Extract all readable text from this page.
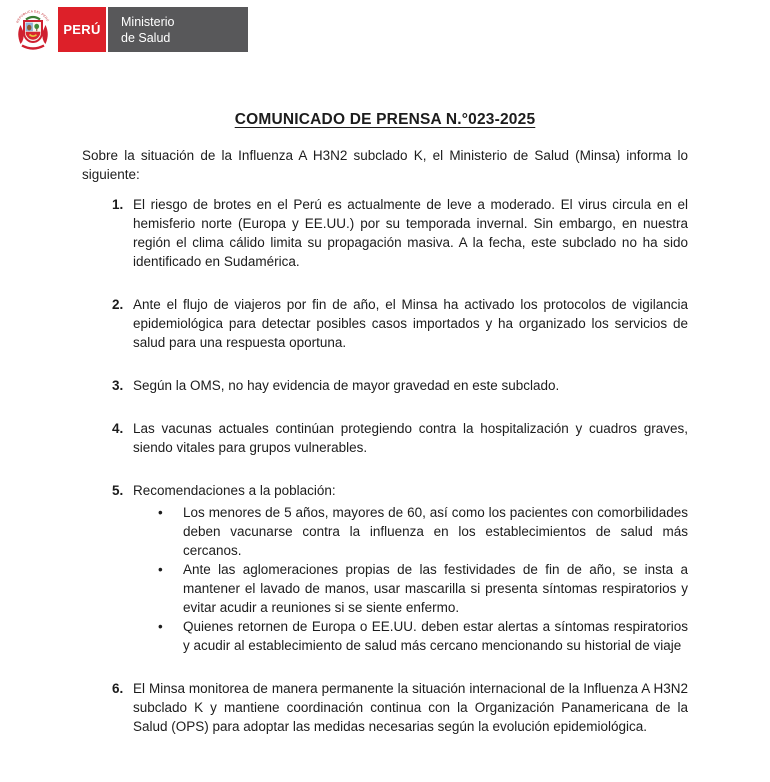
REPÚBLICA DEL PERÚ
PERÚ
Ministerio
de Salud
COMUNICADO DE PRENSA N.°023-2025

Sobre la situación de la Influenza A H3N2 subclado K, el Ministerio de Salud (Minsa) informa lo siguiente:

1. El riesgo de brotes en el Perú es actualmente de leve a moderado. El virus circula en el hemisferio norte (Europa y EE.UU.) por su temporada invernal. Sin embargo, en nuestra región el clima cálido limita su propagación masiva. A la fecha, este subclado no ha sido identificado en Sudamérica.
2. Ante el flujo de viajeros por fin de año, el Minsa ha activado los protocolos de vigilancia epidemiológica para detectar posibles casos importados y ha organizado los servicios de salud para una respuesta oportuna.
3. Según la OMS, no hay evidencia de mayor gravedad en este subclado.
4. Las vacunas actuales continúan protegiendo contra la hospitalización y cuadros graves, siendo vitales para grupos vulnerables.
5. Recomendaciones a la población:
•	Los menores de 5 años, mayores de 60, así como los pacientes con comorbilidades deben vacunarse contra la influenza en los establecimientos de salud más cercanos.
•	Ante las aglomeraciones propias de las festividades de fin de año, se insta a mantener el lavado de manos, usar mascarilla si presenta síntomas respiratorios y evitar acudir a reuniones si se siente enfermo.
•	Quienes retornen de Europa o EE.UU. deben estar alertas a síntomas respiratorios y acudir al establecimiento de salud más cercano mencionando su historial de viaje
6. El Minsa monitorea de manera permanente la situación internacional de la Influenza A H3N2 subclado K y mantiene coordinación continua con la Organización Panamericana de la Salud (OPS) para adoptar las medidas necesarias según la evolución epidemiológica.
